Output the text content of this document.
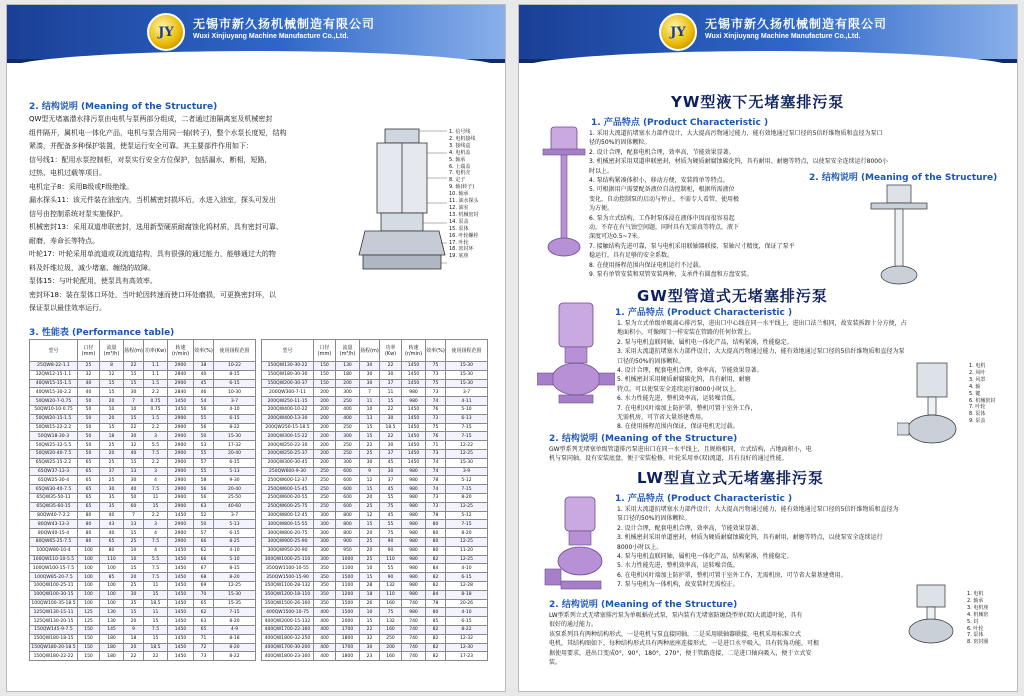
JY
无锡市新久扬机械制造有限公司
Wuxi Xinjiuyang Machine Manufacture Co.,Ltd.
2. 结构说明 (Meaning of the Structure)

QW型无堵塞潜水排污泵由电机与泵两部分组成，二者通过油隔离室及机械密封

组件隔开，属机电一体化产品，电机与泵合用同一轴(转子)，整个水泵长度短，结构

紧凑，并配备多种保护装置，使泵运行安全可靠。其主要部件作用如下：

信号线1：配用水泵控制柜，对泵实行安全方位保护，包括漏水，断相，短路，

过热、电机过载等项目。

电机定子8：采用B级或F级绝缘。

漏水探头11：该元件装在油室内，当机械密封损坏后，水进入油室，探头可发出

信号由控制系统对泵实施保护。

机械密封13：采用双道串联密封，选用新型硬质耐腐蚀化钨材质，具有密封可靠、

耐磨，寿命长等特点。

叶轮17：叶轮采用单流道或双流道结构，具有很强的通过能力，能够通过大的物

料及纤维垃圾，减少堵塞、缠绕的故障。

泵体15：与叶轮配用，使泵具有高效率。

密封环18：装在泵体口环处，当叶轮因转速而使口环处磨损，可更换密封环，以

保证泵以最佳效率运行。

1. 信号线

2. 电机接线

3. 接线盒

4. 电机盖

5. 轴承

6. 上端盖

7. 电机壳

8. 定子

9. 轴(转子)

10. 轴承

11. 油水探头

12. 油室

13. 机械密封

14. 泵盖

15. 泵体

16. 叶轮螺栓

17. 叶轮

18. 密封环

19. 底座

3. 性能表 (Performance table)
型号	口径(mm)	流量(m³/h)	扬程(m)	功率(Kw)	转速(r/min)	效率(%)	使用扬程范围
25QW8-22-1.1	25	8	22	1.1	2900	38	10-22
32QW12-15-1.1	32	12	15	1.1	2840	40	8-15
40QW15-15-1.5	40	15	15	1.5	2900	45	6-15
40QW15-30-2.2	40	15	30	2.2	2840	46	10-30
50QW20-7-0.75	50	20	7	0.75	1450	54	3-7
50QW10-10-0.75	50	10	10	0.75	1450	56	4-10
50QW20-15-1.5	50	20	15	1.5	2900	55	6-15
50QW15-22-2.2	50	15	22	2.2	2900	56	8-22
50QW18-30-3	50	18	30	3	2900	50	15-30
50QW25-32-5.5	50	25	32	5.5	2900	53	17-32
50QW20-40-7.5	50	20	40	7.5	2900	55	20-40
65QW25-15-2.2	65	25	15	2.2	2900	57	6-15
65QW37-13-3	65	37	13	3	2900	55	5-13
65QW25-30-4	65	25	30	4	2900	58	9-30
65QW30-40-7.5	65	30	40	7.5	2900	56	20-40
65QW35-50-11	65	35	50	11	2900	56	25-50
65QW35-60-15	65	35	60	15	2900	63	40-60
80QW40-7-2.2	80	40	7	2.2	1450	52	3-7
80QW43-13-3	80	43	13	3	2900	50	5-13
80QW40-15-4	80	40	15	4	2900	57	6-15
80QW65-25-7.5	80	65	25	7.5	2900	66	8-25
100QW80-10-4	100	80	10	4	1450	62	4-10
100QW110-10-5.5	100	110	10	5.5	1450	66	5-10
100QW100-15-7.5	100	100	15	7.5	1450	67	8-15
100QW85-20-7.5	100	85	20	7.5	1450	68	8-20
100QW100-25-11	100	100	25	11	1450	69	12-25
100QW100-30-15	100	100	30	15	1450	70	15-30
100QW100-35-18.5	100	100	35	18.5	1450	65	15-35
125QW130-15-11	125	130	15	11	1450	62	7-15
125QW130-20-15	125	130	20	15	1450	63	8-20
150QW145-9-7.5	150	145	9	7.5	1450	65	4-9
150QW180-18-15	150	180	18	15	1450	71	8-18
150QW180-20-18.5	150	180	20	18.5	1450	72	8-20
150QW180-22-22	150	180	22	22	1450	73	8-22
型号	口径(mm)	流量(m³/h)	扬程(m)	功率(Kw)	转速(r/min)	效率(%)	使用扬程范围
150QW130-30-22	150	130	30	22	1450	75	15-30
150QW180-30-30	150	180	30	30	1450	73	15-30
150QW200-30-37	150	200	30	37	1450	75	15-30
200QW300-7-11	200	300	7	11	980	73	3-7
200QW250-11-15	200	250	11	15	980	74	4-11
200QW400-10-22	200	400	10	22	1450	76	5-10
200QW400-13-30	200	400	13	30	1450	73	6-13
200QW250-15-18.5	200	250	15	18.5	1450	75	7-15
200QW300-15-22	200	300	15	22	1450	76	7-15
200QW250-22-30	200	250	22	30	1450	71	12-22
200QW250-25-37	200	250	25	37	1450	73	12-25
200QW300-30-45	200	300	30	45	1450	74	15-30
250QW600-9-30	250	600	9	30	980	74	3-9
250QW600-12-37	250	600	12	37	980	78	5-12
250QW600-15-45	250	600	15	45	980	74	7-15
250QW600-20-55	250	600	20	55	980	73	8-20
250QW600-25-75	250	600	25	75	980	73	12-25
300QW800-12-45	300	800	12	45	980	78	5-12
300QW800-15-55	300	800	15	55	980	80	7-15
300QW800-20-75	300	800	20	75	980	80	8-20
300QW900-25-90	300	900	25	90	980	80	12-25
300QW950-20-90	300	950	20	90	980	80	11-20
300QW1000-25-110	300	1000	25	110	980	82	12-25
350QW1100-10-55	350	1100	10	55	980	84	4-10
350QW1500-15-90	350	1500	15	90	980	82	6-15
350QW1100-28-132	350	1100	28	132	980	82	12-28
350QW1200-18-110	350	1200	18	110	980	84	8-18
350QW1500-26-160	350	1500	26	160	740	78	20-26
400QW1500-10-75	400	1500	10	75	980	80	4-10
400QW2000-15-132	400	2000	15	132	740	85	6-15
400QW1700-22-160	400	1700	22	160	740	82	8-22
400QW1800-32-250	400	1800	32	250	740	82	12-32
400QW1700-30-200	400	1700	30	200	740	82	12-30
400QW1800-23-160	400	1800	23	160	740	82	17-23
JY
无锡市新久扬机械制造有限公司
Wuxi Xinjiuyang Machine Manufacture Co.,Ltd.
YW型液下无堵塞排污泵
1. 产品特点 (Product Characteristic )

1. 采用大流道抗堵塞水力部件设计，大大提高污物通过能力，能有效地通过泵口径的5倍纤维物质和直径为泵口

径的50%的固体颗粒。

2. 设计合理，配套电机合理，效率高，节能效果显著。

3. 机械密封采用双道串联密封，材质为硬质耐腐蚀碳化钨，具有耐用、耐磨等特点，以使泵安全连续运行8000小

时以上。

4. 泵结构紧凑体积小，移动方便，安装简单等特点。

5. 可根据用户需要配备液位自动控制柜，根据所需液位

变化，自动控制泵的启动与停止，不需专人看管，使用极

为方便。

6. 泵为立式结构，工作时泵体浸在液体中因而很容易起

动，不存在有气蚀空间题，同时具有无需真等特点，液下

深度可达0.5~7米。

7. 接触结构先进可靠，泵与电机采用联轴器联接，泵轴尺寸精度，保证了泵平

稳运行，具有足够的安全系数。

8. 在使用扬程范围内保证电机运行不过载。

9. 泵有单管安装和双管安装两种，支承件有圆盘和方盘安装。

2. 结构说明 (Meaning of the Structure)
GW型管道式无堵塞排污泵
1. 产品特点 (Product Characteristic )

1. 泵为立式单级单吸离心排污泵，进出口中心线在同一水平线上，进出口法兰相同，故安装拆卸十分方便，占

地面积小，可像阀门一样安装在管路的任何位置上。

2. 泵与电机直联同轴，属机电一体化产品，结构紧凑，性能稳定。

3. 采用大流道抗堵塞水力部件设计，大大提高污物通过能力，能有效地通过泵口径的5倍纤维物质和直径为泵

口径的50%的固体颗粒。

4. 设计合理，配套电机合理，效率高，节能效果显著。

5. 机械密封采用硬质耐腐碳化钨，具有耐用，耐磨

特点，可以使泵安全连续运行8000小时以上。

6. 水力性能先进，整机效率高，运转噪音低。

7. 在电机风叶端加上防护罩，整机可置于室外工作，

无需机房，可节省大量基建费用。

8. 在使用扬程范围内保证，保证电机无过载。

1. 电机

2. 风叶

3. 风罩

4. 轴

5. 键

6. 机械密封

7. 叶轮

8. 泵体

9. 泵盖

2. 结构说明 (Meaning of the Structure)

GW型系列无堵塞单级管道排污泵进出口在同一水平线上，且规格相同，立式结构，占地面积小，电

机与泵同轴，设有安装底盘，便于安装检修，叶轮采用单(双)流道，具有良好的通过性能。

LW型直立式无堵塞排污泵
1. 产品特点 (Product Characteristic )

1. 采用大流道抗堵塞水力部件设计，大大提高污物通过能力，能有效地通过泵口径的5倍纤维物质和直径为

泵口径的50%的固体颗粒。

2. 设计合理，配套电机合理，效率高，节能效果显著。

3. 机械密封采用单道密封，材质为硬质耐腐蚀碳化钨，具有耐用，耐磨等特点，以使泵安全连续运行

8000小时以上。

4. 泵与电机直联同轴，属机电一体化产品，结构紧凑，性能稳定。

5. 水力性能先进，整机效率高，运转噪音低。

6. 在电机风叶端加上防护罩，整机可置于室外工作，无需机房，可节省大量基建费用。

7. 泵与电机为一体机构，故安装时无需校正。

1. 电机

2. 轴承

3. 电机座

4. 机械密

5. 封

6. 叶轮

7. 泵体

8. 密封圈

2. 结构说明 (Meaning of the Structure)

LW型系列立式无堵塞排污泵为单吸蜗壳式泵，泵内装有无堵塞防缠绕型单(双)大流道叶轮，具有

很好的通过能力。

该泵系列具有两种结构形式，一是电机与泵直接同轴，二是采用联轴器联接，电机采用标准立式

电机，其结构图如下，每种结构形式具有两种底座连接形式，一是进口水平吸入，具有转角功能，可根

据使用要求，进出口变成0°，90°，180°，270°，便于管路连接，二是进口轴向吸入，便于立式安

装。
